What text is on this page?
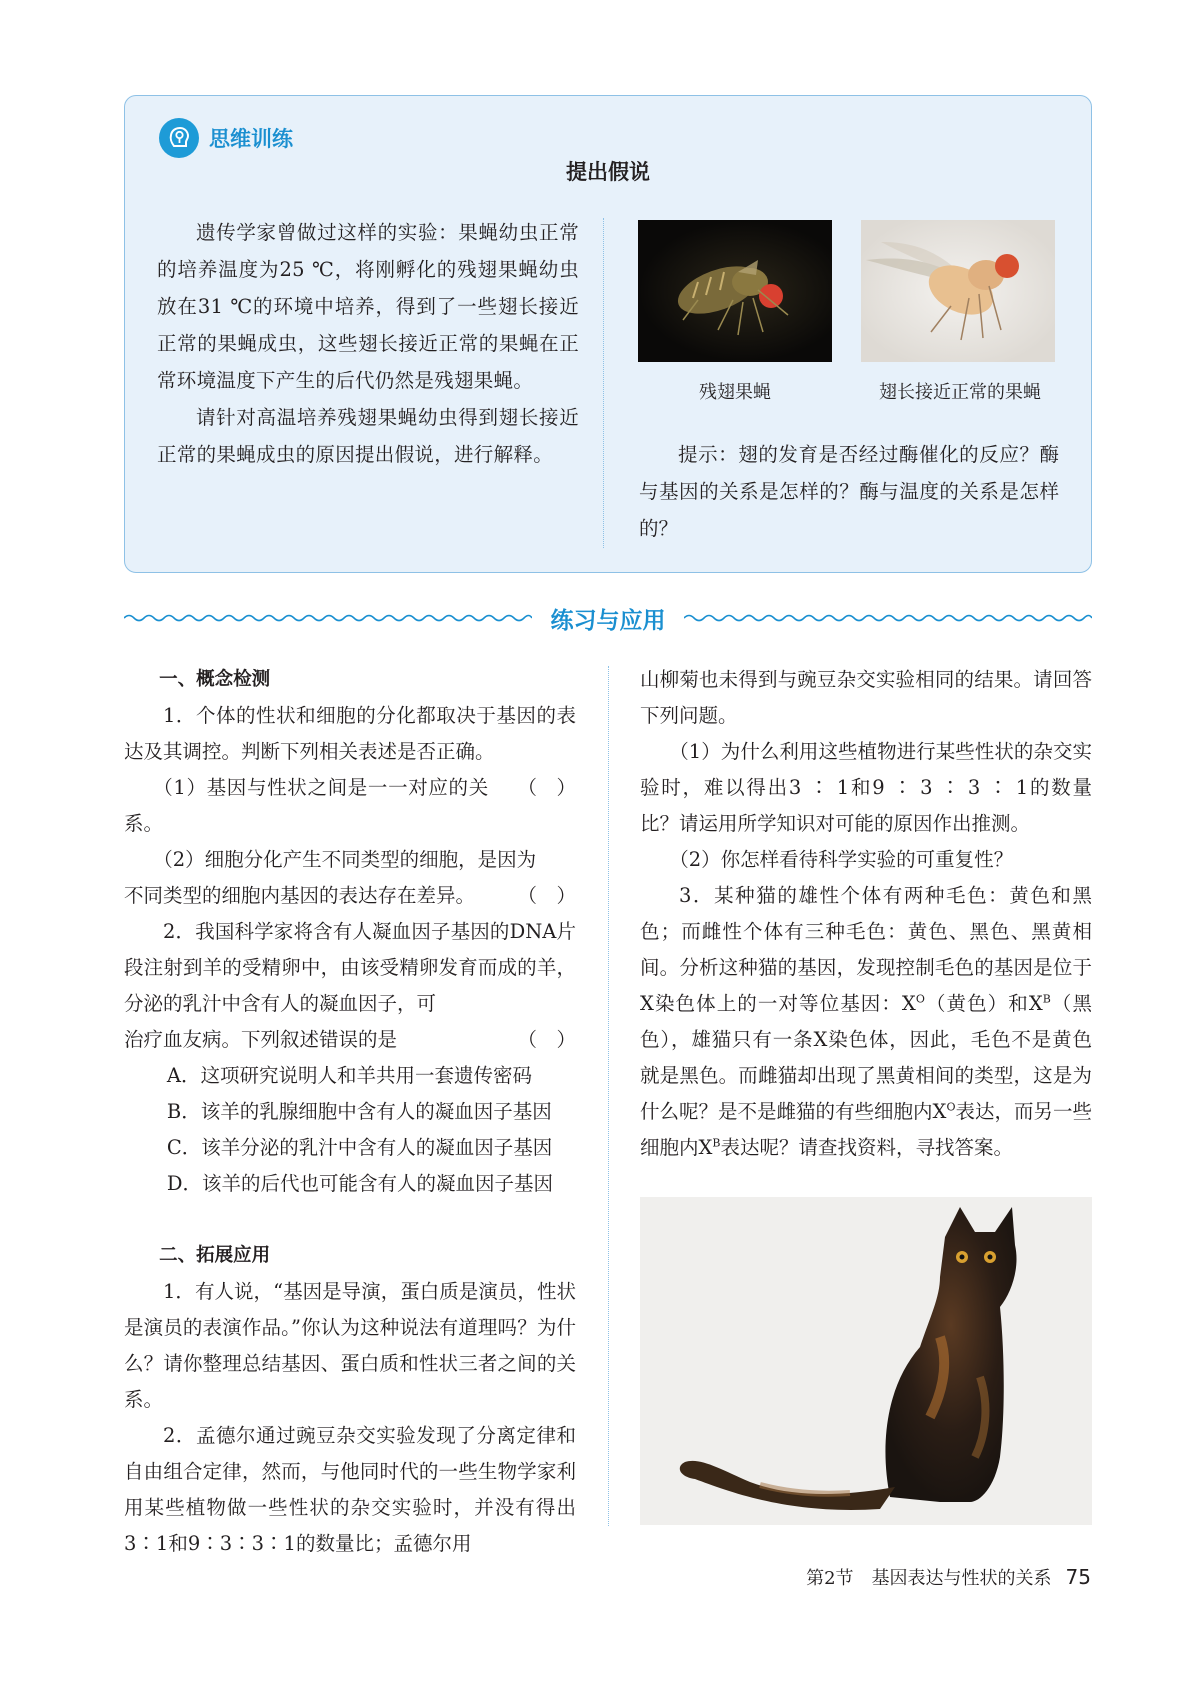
思维训练
提出假说

遗传学家曾做过这样的实验：果蝇幼虫正常的培养温度为25 ℃，将刚孵化的残翅果蝇幼虫放在31 ℃的环境中培养，得到了一些翅长接近正常的果蝇成虫，这些翅长接近正常的果蝇在正常环境温度下产生的后代仍然是残翅果蝇。

请针对高温培养残翅果蝇幼虫得到翅长接近正常的果蝇成虫的原因提出假说，进行解释。

残翅果蝇	翅长接近正常的果蝇

提示：翅的发育是否经过酶催化的反应？酶与基因的关系是怎样的？酶与温度的关系是怎样的？

练习与应用

一、概念检测

1．个体的性状和细胞的分化都取决于基因的表达及其调控。判断下列相关表述是否正确。

（1）基因与性状之间是一一对应的关系。
（　）

（2）细胞分化产生不同类型的细胞，是因为

不同类型的细胞内基因的表达存在差异。 （　）

2．我国科学家将含有人凝血因子基因的DNA片段注射到羊的受精卵中，由该受精卵发育而成的羊，分泌的乳汁中含有人的凝血因子，可

治疗血友病。下列叙述错误的是	（　）

A．这项研究说明人和羊共用一套遗传密码

B．该羊的乳腺细胞中含有人的凝血因子基因

C．该羊分泌的乳汁中含有人的凝血因子基因

D．该羊的后代也可能含有人的凝血因子基因

二、拓展应用

1．有人说，“基因是导演，蛋白质是演员，性状是演员的表演作品。”你认为这种说法有道理吗？为什么？请你整理总结基因、蛋白质和性状三者之间的关系。

2．孟德尔通过豌豆杂交实验发现了分离定律和自由组合定律，然而，与他同时代的一些生物学家利用某些植物做一些性状的杂交实验时，并没有得出3∶1和9∶3∶3∶1的数量比；孟德尔用

山柳菊也未得到与豌豆杂交实验相同的结果。请回答下列问题。

（1）为什么利用这些植物进行某些性状的杂交实验时，难以得出3 ∶ 1和9 ∶ 3 ∶ 3 ∶ 1的数量比？请运用所学知识对可能的原因作出推测。

（2）你怎样看待科学实验的可重复性？

3．某种猫的雄性个体有两种毛色：黄色和黑色；而雌性个体有三种毛色：黄色、黑色、黑黄相间。分析这种猫的基因，发现控制毛色的基因是位于X染色体上的一对等位基因：$X^O$（黄色）和$X^B$（黑色），雄猫只有一条X染色体，因此，毛色不是黄色就是黑色。而雌猫却出现了黑黄相间的类型，这是为什么呢？是不是雌猫的有些细胞内$X^O$表达，而另一些细胞内$X^B$表达呢？请查找资料，寻找答案。

第2节　基因表达与性状的关系 75
